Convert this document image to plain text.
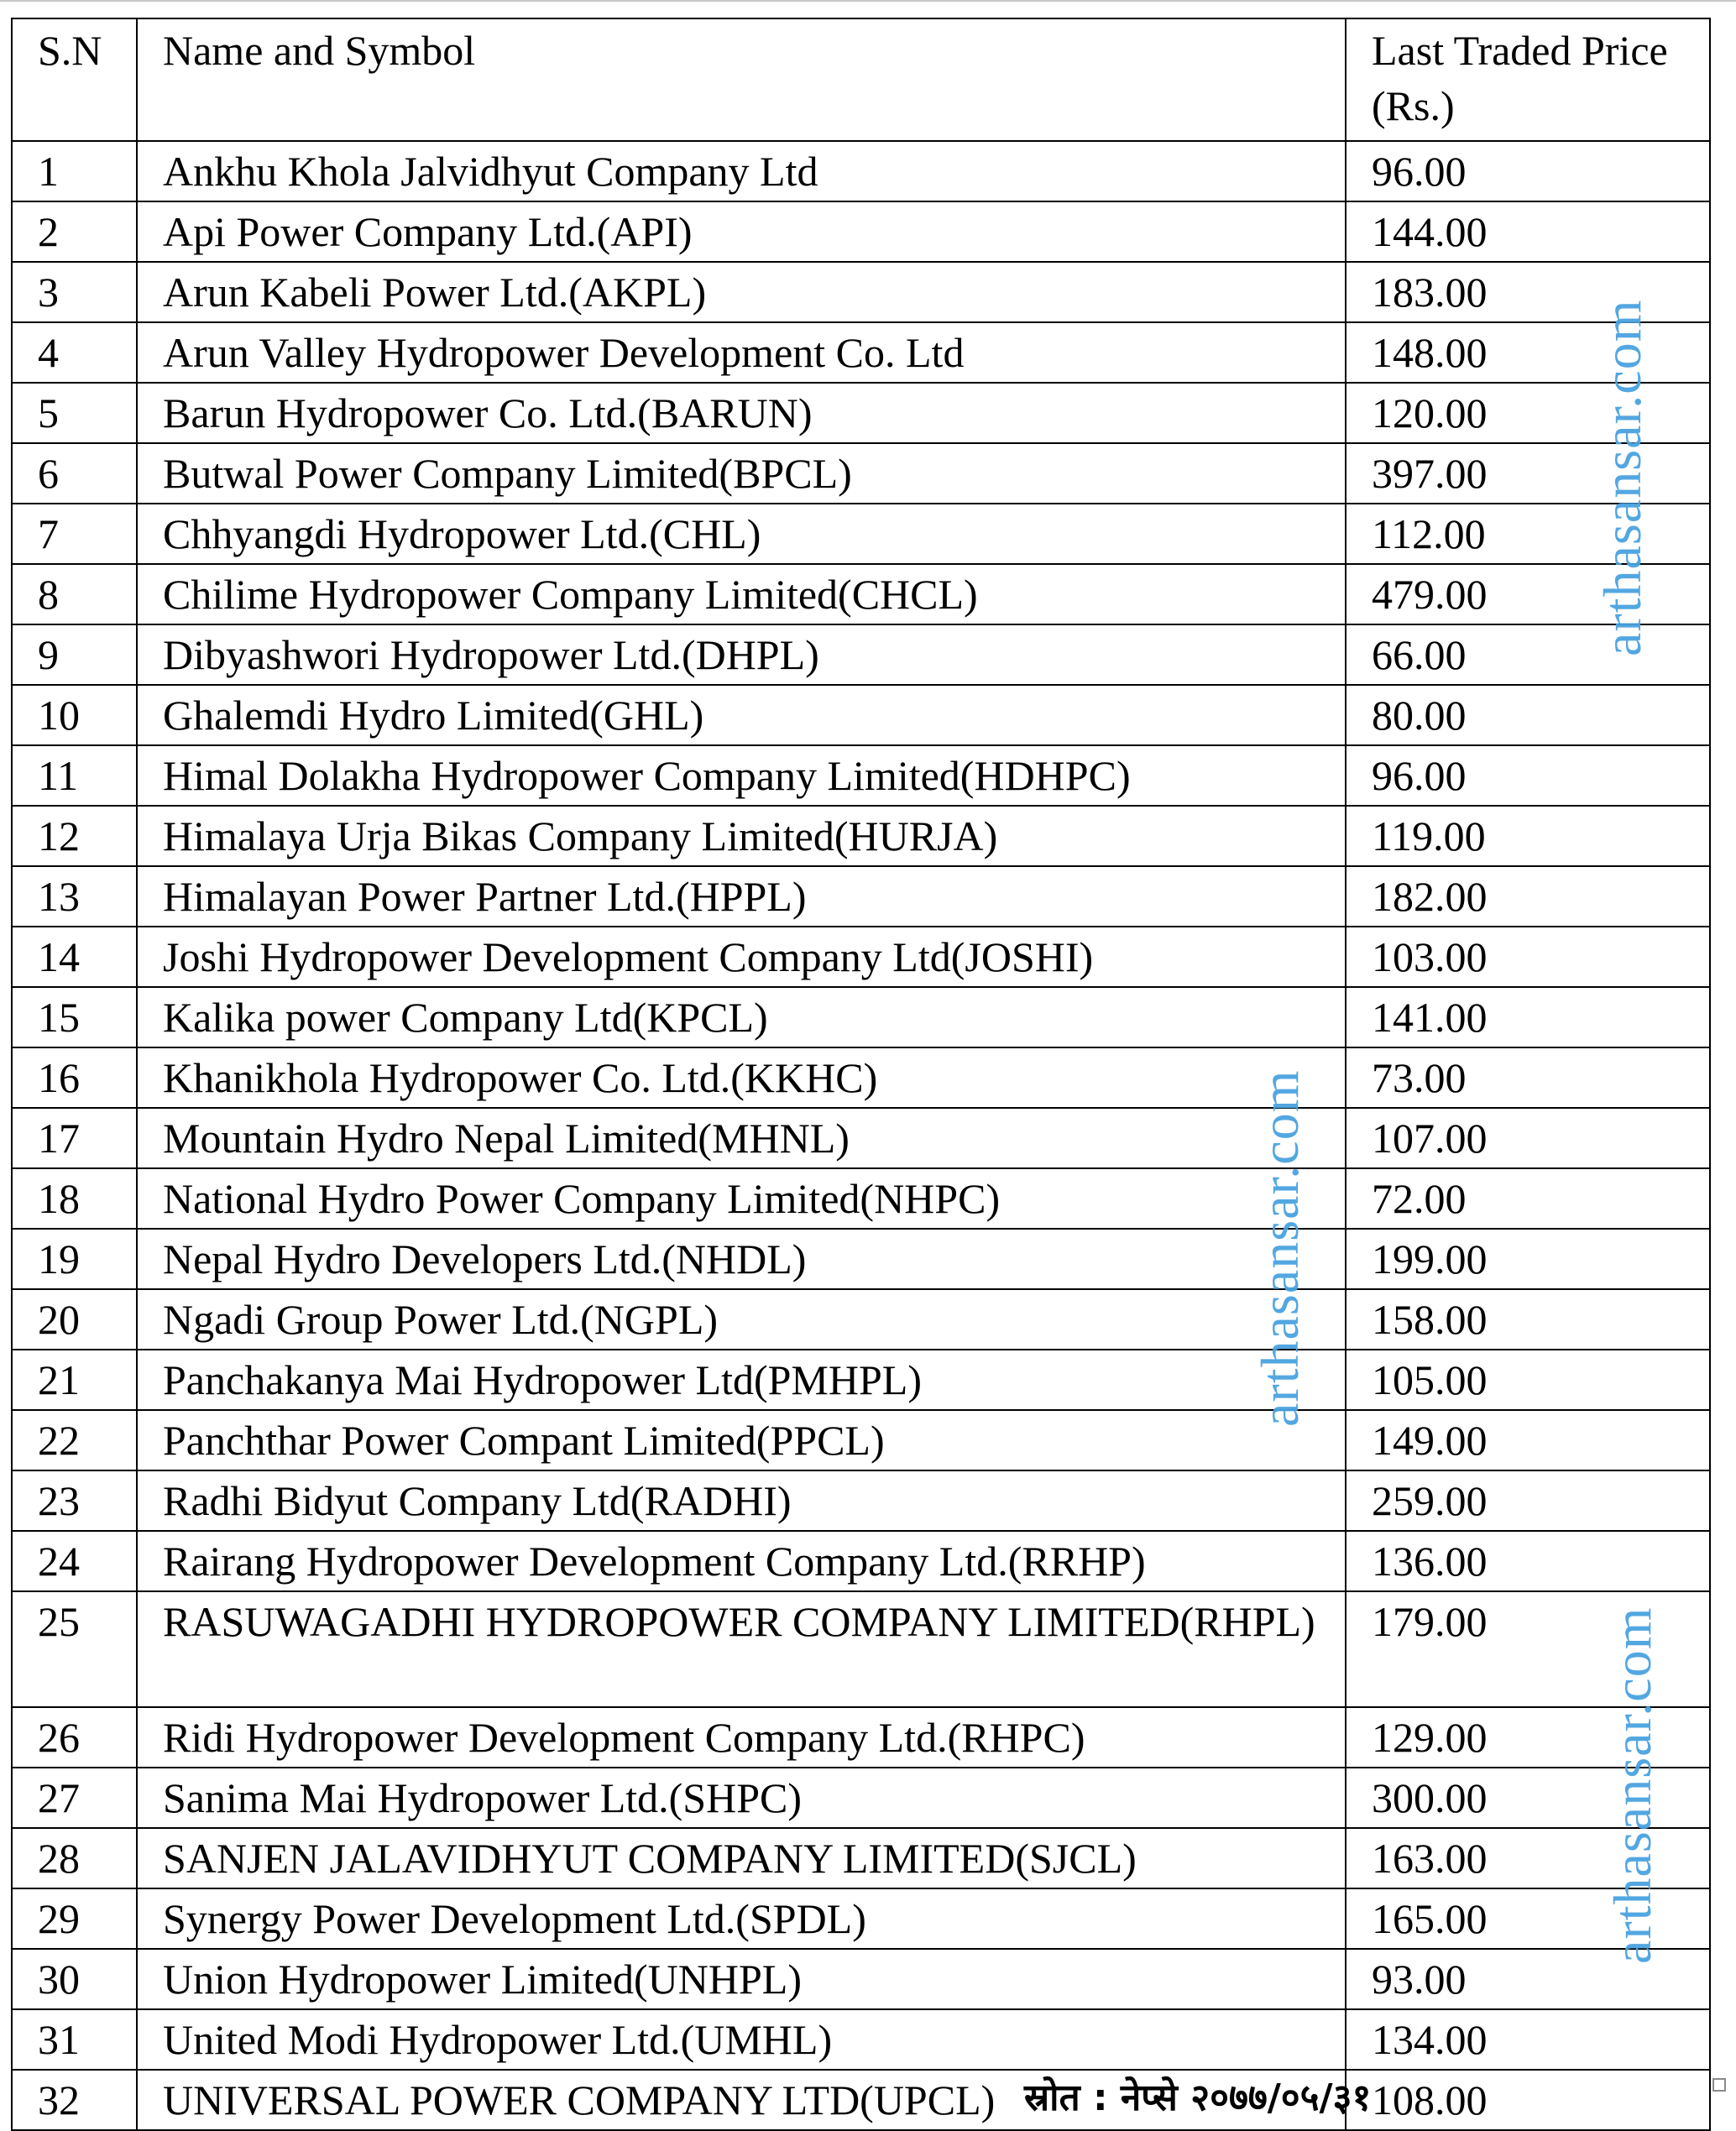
S.N	Name and Symbol	Last Traded Price (Rs.)
1	Ankhu Khola Jalvidhyut Company Ltd	96.00
2	Api Power Company Ltd.(API)	144.00
3	Arun Kabeli Power Ltd.(AKPL)	183.00
4	Arun Valley Hydropower Development Co. Ltd	148.00
5	Barun Hydropower Co. Ltd.(BARUN)	120.00
6	Butwal Power Company Limited(BPCL)	397.00
7	Chhyangdi Hydropower Ltd.(CHL)	112.00
8	Chilime Hydropower Company Limited(CHCL)	479.00
9	Dibyashwori Hydropower Ltd.(DHPL)	66.00
10	Ghalemdi Hydro Limited(GHL)	80.00
11	Himal Dolakha Hydropower Company Limited(HDHPC)	96.00
12	Himalaya Urja Bikas Company Limited(HURJA)	119.00
13	Himalayan Power Partner Ltd.(HPPL)	182.00
14	Joshi Hydropower Development Company Ltd(JOSHI)	103.00
15	Kalika power Company Ltd(KPCL)	141.00
16	Khanikhola Hydropower Co. Ltd.(KKHC)	73.00
17	Mountain Hydro Nepal Limited(MHNL)	107.00
18	National Hydro Power Company Limited(NHPC)	72.00
19	Nepal Hydro Developers Ltd.(NHDL)	199.00
20	Ngadi Group Power Ltd.(NGPL)	158.00
21	Panchakanya Mai Hydropower Ltd(PMHPL)	105.00
22	Panchthar Power Compant Limited(PPCL)	149.00
23	Radhi Bidyut Company Ltd(RADHI)	259.00
24	Rairang Hydropower Development Company Ltd.(RRHP)	136.00
25	RASUWAGADHI HYDROPOWER COMPANY LIMITED(RHPL)	179.00
26	Ridi Hydropower Development Company Ltd.(RHPC)	129.00
27	Sanima Mai Hydropower Ltd.(SHPC)	300.00
28	SANJEN JALAVIDHYUT COMPANY LIMITED(SJCL)	163.00
29	Synergy Power Development Ltd.(SPDL)	165.00
30	Union Hydropower Limited(UNHPL)	93.00
31	United Modi Hydropower Ltd.(UMHL)	134.00
32	UNIVERSAL POWER COMPANY LTD(UPCL)	108.00
arthasansar.com
arthasansar.com
arthasansar.com
स्रोत : नेप्से २०७७/०५/३१
